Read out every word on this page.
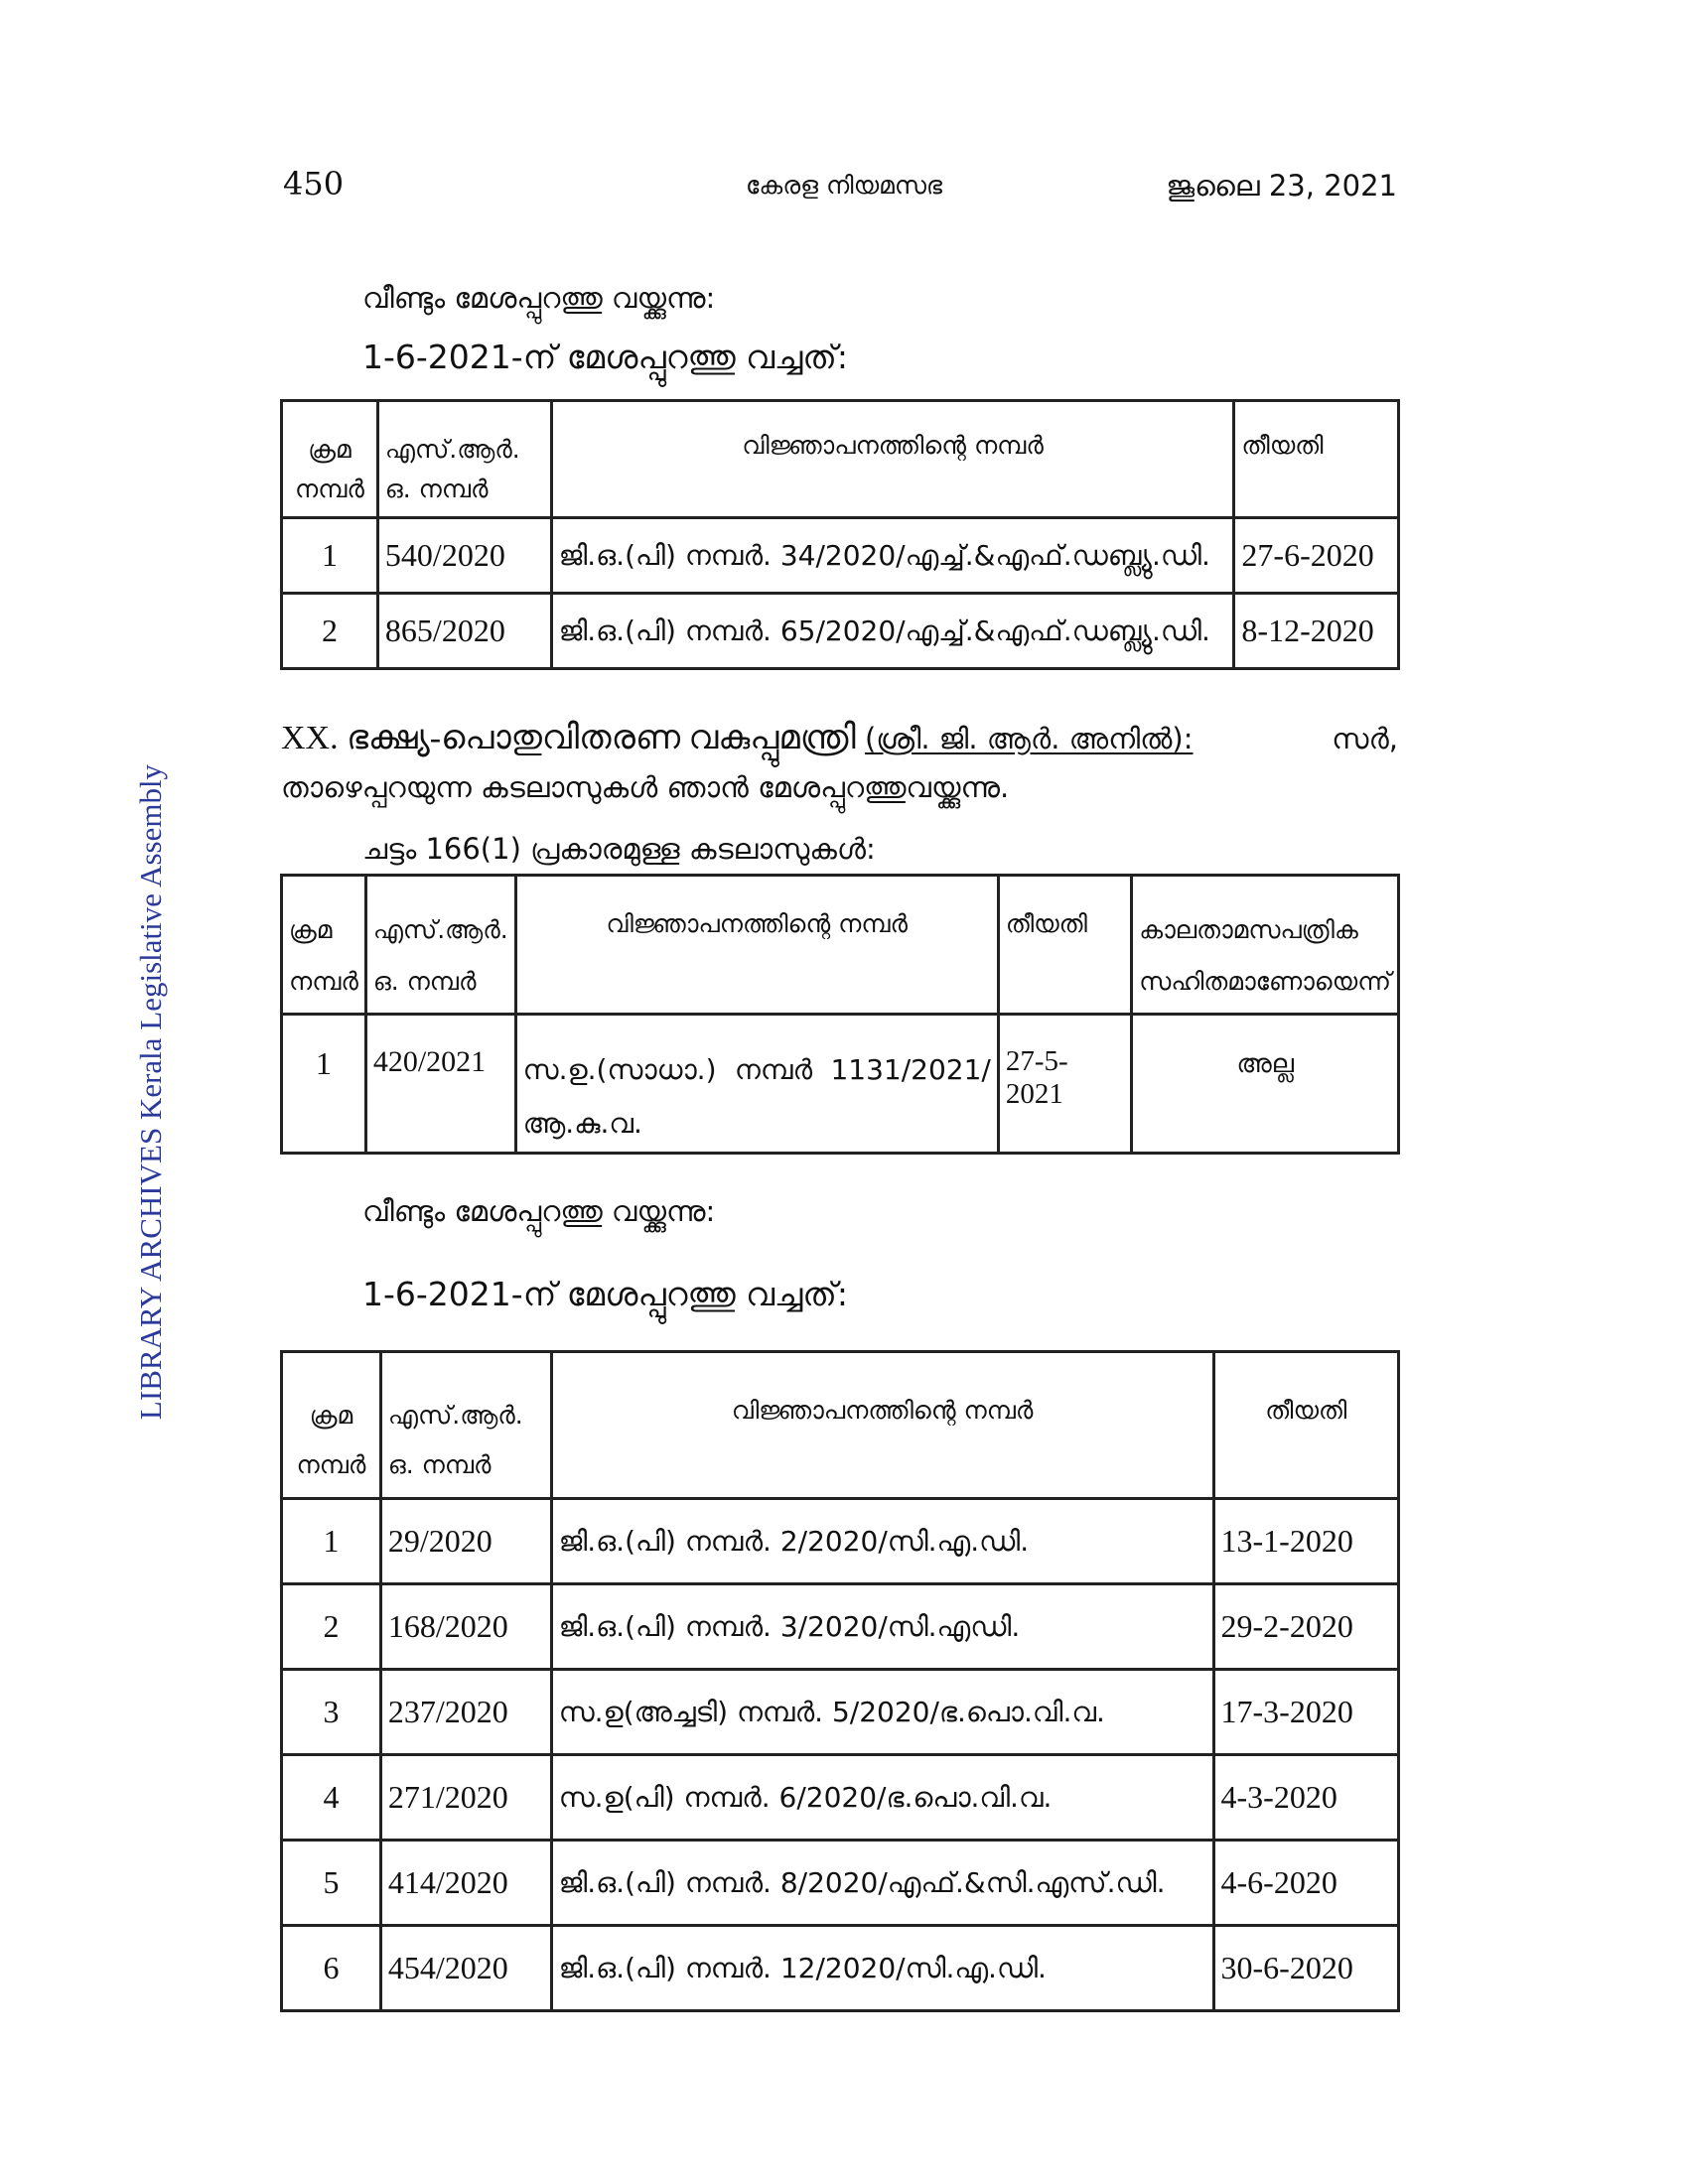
450	കേരള നിയമസഭ	ജൂലൈ 23, 2021
LIBRARY ARCHIVES Kerala Legislative Assembly
വീണ്ടും മേശപ്പുറത്തു വയ്ക്കുന്നു:
1-6-2021-ന് മേശപ്പുറത്തു വച്ചത്:
ക്രമ നമ്പർ	എസ്.ആർ. ഒ. നമ്പർ	വിജ്ഞാപനത്തിന്റെ നമ്പർ	തീയതി
1	540/2020	ജി.ഒ.(പി) നമ്പർ. 34/2020/എച്ച്.&എഫ്.ഡബ്ല്യു.ഡി.	27-6-2020
2	865/2020	ജി.ഒ.(പി) നമ്പർ. 65/2020/എച്ച്.&എഫ്.ഡബ്ല്യു.ഡി.	8-12-2020
XX. ഭക്ഷ്യ-പൊതുവിതരണ വകുപ്പുമന്ത്രി (ശ്രീ. ജി. ആർ. അനിൽ):	സർ,
താഴെപ്പറയുന്ന കടലാസുകൾ ഞാൻ മേശപ്പുറത്തുവയ്ക്കുന്നു.
ചട്ടം 166(1) പ്രകാരമുള്ള കടലാസുകൾ:
ക്രമ നമ്പർ	എസ്.ആർ. ഒ. നമ്പർ	വിജ്ഞാപനത്തിന്റെ നമ്പർ	തീയതി	കാലതാമസപത്രിക സഹിതമാണോയെന്ന്
1	420/2021	സ.ഉ.(സാധാ.) നമ്പർ 1131/2021/ ആ.കു.വ.	27-5-2021	അല്ല
വീണ്ടും മേശപ്പുറത്തു വയ്ക്കുന്നു:
1-6-2021-ന് മേശപ്പുറത്തു വച്ചത്:
ക്രമ നമ്പർ	എസ്.ആർ. ഒ. നമ്പർ	വിജ്ഞാപനത്തിന്റെ നമ്പർ	തീയതി
1	29/2020	ജി.ഒ.(പി) നമ്പർ. 2/2020/സി.എ.ഡി.	13-1-2020
2	168/2020	ജി.ഒ.(പി) നമ്പർ. 3/2020/സി.എഡി.	29-2-2020
3	237/2020	സ.ഉ(അച്ചടി) നമ്പർ. 5/2020/ഭ.പൊ.വി.വ.	17-3-2020
4	271/2020	സ.ഉ(പി) നമ്പർ. 6/2020/ഭ.പൊ.വി.വ.	4-3-2020
5	414/2020	ജി.ഒ.(പി) നമ്പർ. 8/2020/എഫ്.&സി.എസ്.ഡി.	4-6-2020
6	454/2020	ജി.ഒ.(പി) നമ്പർ. 12/2020/സി.എ.ഡി.	30-6-2020
